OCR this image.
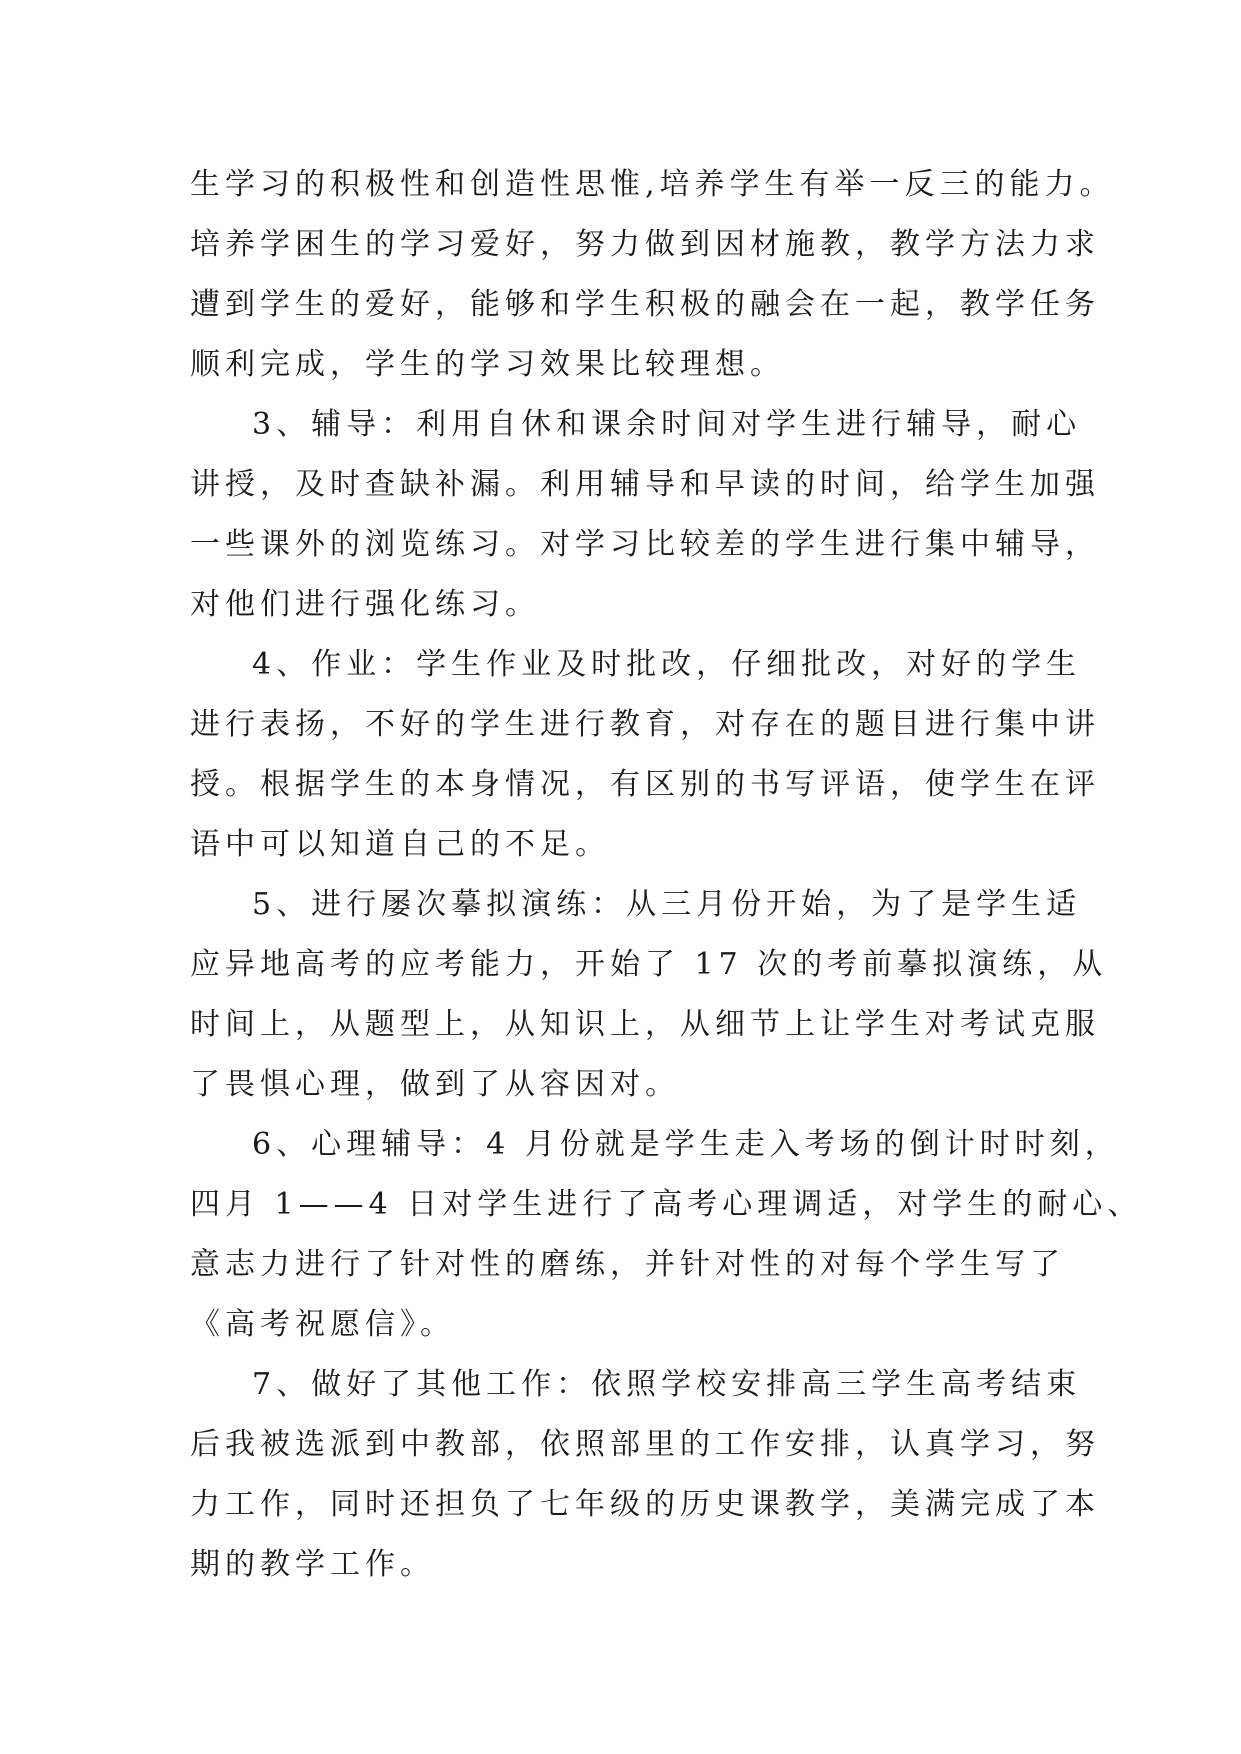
生学习的积极性和创造性思惟,培养学生有举一反三的能力。
培养学困生的学习爱好，努力做到因材施教，教学方法力求
遭到学生的爱好，能够和学生积极的融会在一起，教学任务
顺利完成，学生的学习效果比较理想。
3、辅导：利用自休和课余时间对学生进行辅导，耐心
讲授，及时查缺补漏。利用辅导和早读的时间，给学生加强
一些课外的浏览练习。对学习比较差的学生进行集中辅导，
对他们进行强化练习。
4、作业：学生作业及时批改，仔细批改，对好的学生
进行表扬，不好的学生进行教育，对存在的题目进行集中讲
授。根据学生的本身情况，有区别的书写评语，使学生在评
语中可以知道自己的不足。
5、进行屡次摹拟演练：从三月份开始，为了是学生适
应异地高考的应考能力，开始了 17 次的考前摹拟演练，从
时间上，从题型上，从知识上，从细节上让学生对考试克服
了畏惧心理，做到了从容因对。
6、心理辅导：4 月份就是学生走入考场的倒计时时刻，
四月 1——4 日对学生进行了高考心理调适，对学生的耐心、
意志力进行了针对性的磨练，并针对性的对每个学生写了
《高考祝愿信》。
7、做好了其他工作：依照学校安排高三学生高考结束
后我被选派到中教部，依照部里的工作安排，认真学习，努
力工作，同时还担负了七年级的历史课教学，美满完成了本
期的教学工作。
